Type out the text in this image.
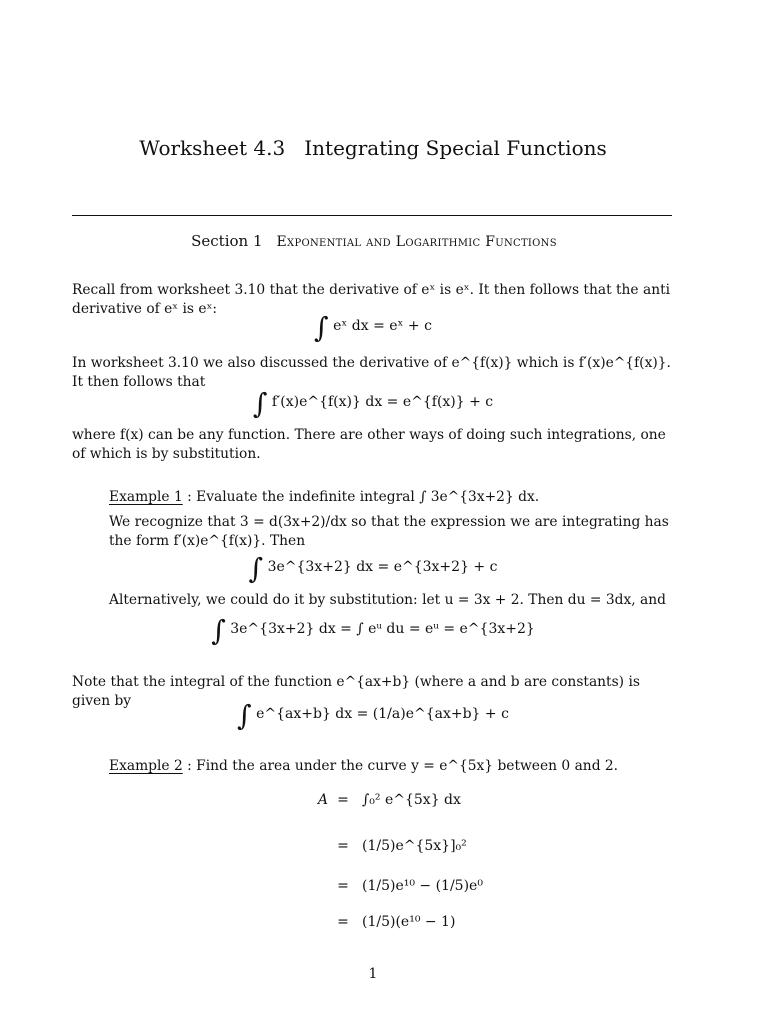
Worksheet 4.3   Integrating Special Functions
Section 1 Exponential and Logarithmic Functions
Recall from worksheet 3.10 that the derivative of eˣ is eˣ. It then follows that the anti derivative of eˣ is eˣ:
∫ eˣ dx = eˣ + c
In worksheet 3.10 we also discussed the derivative of e^{f(x)} which is f′(x)e^{f(x)}. It then follows that
∫ f′(x)e^{f(x)} dx = e^{f(x)} + c
where f(x) can be any function. There are other ways of doing such integrations, one of which is by substitution.
Example 1 : Evaluate the indefinite integral ∫ 3e^{3x+2} dx.
We recognize that 3 = d(3x+2)/dx so that the expression we are integrating has the form f′(x)e^{f(x)}. Then
∫ 3e^{3x+2} dx = e^{3x+2} + c
Alternatively, we could do it by substitution: let u = 3x + 2. Then du = 3dx, and
∫ 3e^{3x+2} dx = ∫ eᵘ du = eᵘ = e^{3x+2}
Note that the integral of the function e^{ax+b} (where a and b are constants) is given by	∫ e^{ax+b} dx = (1/a)e^{ax+b} + c
Example 2 : Find the area under the curve y = e^{5x} between 0 and 2.
A = ∫₀² e^{5x} dx
= (1/5)e^{5x}]₀²
= (1/5)e¹⁰ − (1/5)e⁰
= (1/5)(e¹⁰ − 1)
1
